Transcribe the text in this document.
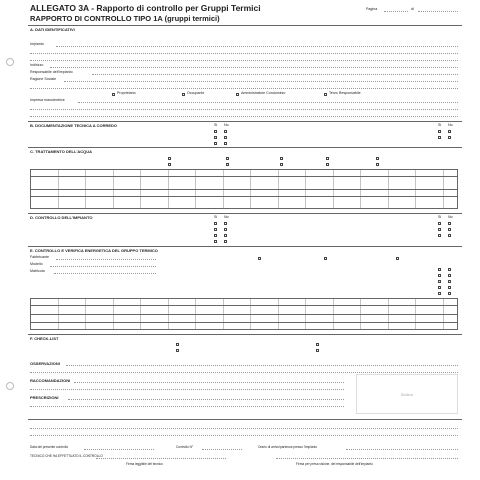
ALLEGATO 3A - Rapporto di controllo per Gruppi Termici
RAPPORTO DI CONTROLLO TIPO 1A (gruppi termici)
Pagina	di
A. DATI IDENTIFICATIVI
Impianto
Indirizzo
Responsabile dell'impianto
Ragione Sociale
Proprietario	Occupante	Amministratore Condominio	Terzo Responsabile
Impresa manutentrice
B. DOCUMENTAZIONE TECNICA A CORREDO	Si No	Si No
C. TRATTAMENTO DELL'ACQUA
D. CONTROLLO DELL'IMPIANTO	Si No	Si No
E. CONTROLLO E VERIFICA ENERGETICA DEL GRUPPO TERMICO
Fabbricante
Modello
Matricola
F. CHECK-LIST
OSSERVAZIONI
RACCOMANDAZIONI
PRESCRIZIONI
Bollino
Data del presente controllo	Controllo N°	Orario di arrivo/partenza presso l'impianto
TECNICO CHE HA EFFETTUATO IL CONTROLLO
Firma leggibile del tecnico	Firma per presa visione, del responsabile dell'impianto
